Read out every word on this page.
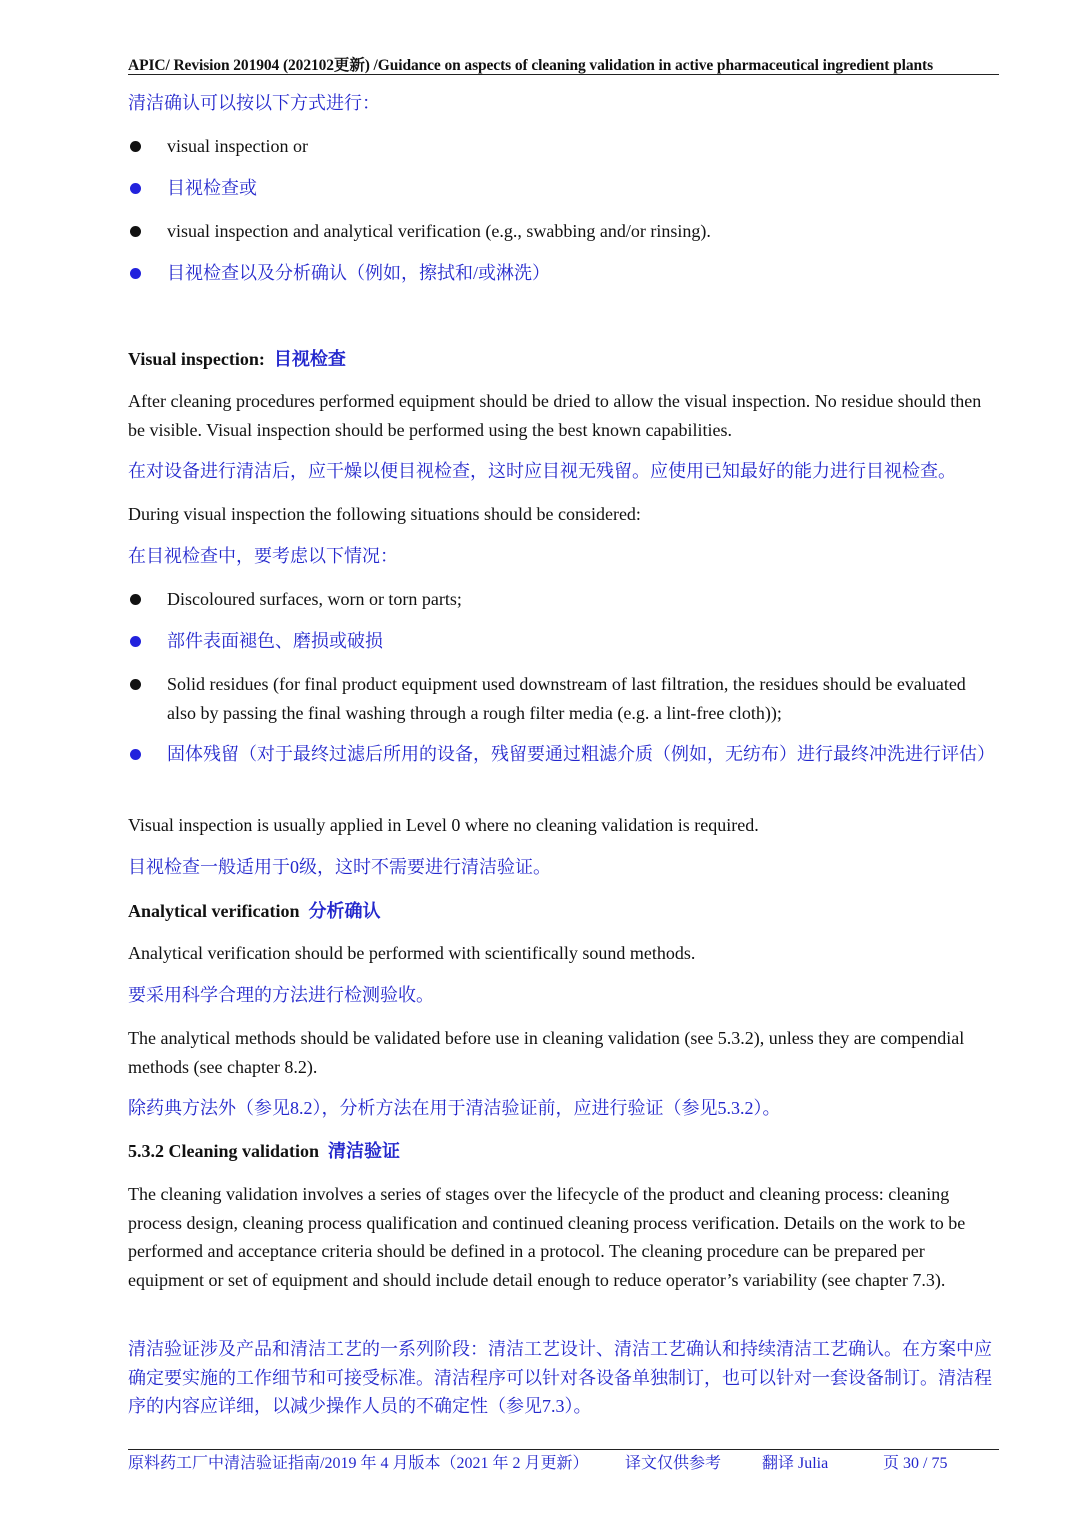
APIC/ Revision 201904 (202102更新) /Guidance on aspects of cleaning validation in active pharmaceutical ingredient plants

清洁确认可以按以下方式进行：

visual inspection or
目视检查或
visual inspection and analytical verification (e.g., swabbing and/or rinsing).
目视检查以及分析确认（例如，擦拭和/或淋洗）
Visual inspection: 目视检查

After cleaning procedures performed equipment should be dried to allow the visual inspection. No residue should then be visible. Visual inspection should be performed using the best known capabilities.

在对设备进行清洁后，应干燥以便目视检查，这时应目视无残留。应使用已知最好的能力进行目视检查。

During visual inspection the following situations should be considered:

在目视检查中，要考虑以下情况：

Discoloured surfaces, worn or torn parts;
部件表面褪色、磨损或破损
Solid residues (for final product equipment used downstream of last filtration, the residues should be evaluated also by passing the final washing through a rough filter media (e.g. a lint-free cloth));
固体残留（对于最终过滤后所用的设备，残留要通过粗滤介质（例如，无纺布）进行最终冲洗进行评估）

Visual inspection is usually applied in Level 0 where no cleaning validation is required.

目视检查一般适用于0级，这时不需要进行清洁验证。

Analytical verification 分析确认

Analytical verification should be performed with scientifically sound methods.

要采用科学合理的方法进行检测验收。

The analytical methods should be validated before use in cleaning validation (see 5.3.2), unless they are compendial methods (see chapter 8.2).

除药典方法外（参见8.2），分析方法在用于清洁验证前，应进行验证（参见5.3.2）。

5.3.2 Cleaning validation 清洁验证

The cleaning validation involves a series of stages over the lifecycle of the product and cleaning process: cleaning process design, cleaning process qualification and continued cleaning process verification. Details on the work to be performed and acceptance criteria should be defined in a protocol. The cleaning procedure can be prepared per equipment or set of equipment and should include detail enough to reduce operator’s variability (see chapter 7.3).

清洁验证涉及产品和清洁工艺的一系列阶段：清洁工艺设计、清洁工艺确认和持续清洁工艺确认。在方案中应确定要实施的工作细节和可接受标准。清洁程序可以针对各设备单独制订，也可以针对一套设备制订。清洁程序的内容应详细，以减少操作人员的不确定性（参见7.3）。

原料药工厂中清洁验证指南/2019 年 4 月版本（2021 年 2 月更新） 译文仅供参考	翻译 Julia	页 30 / 75
